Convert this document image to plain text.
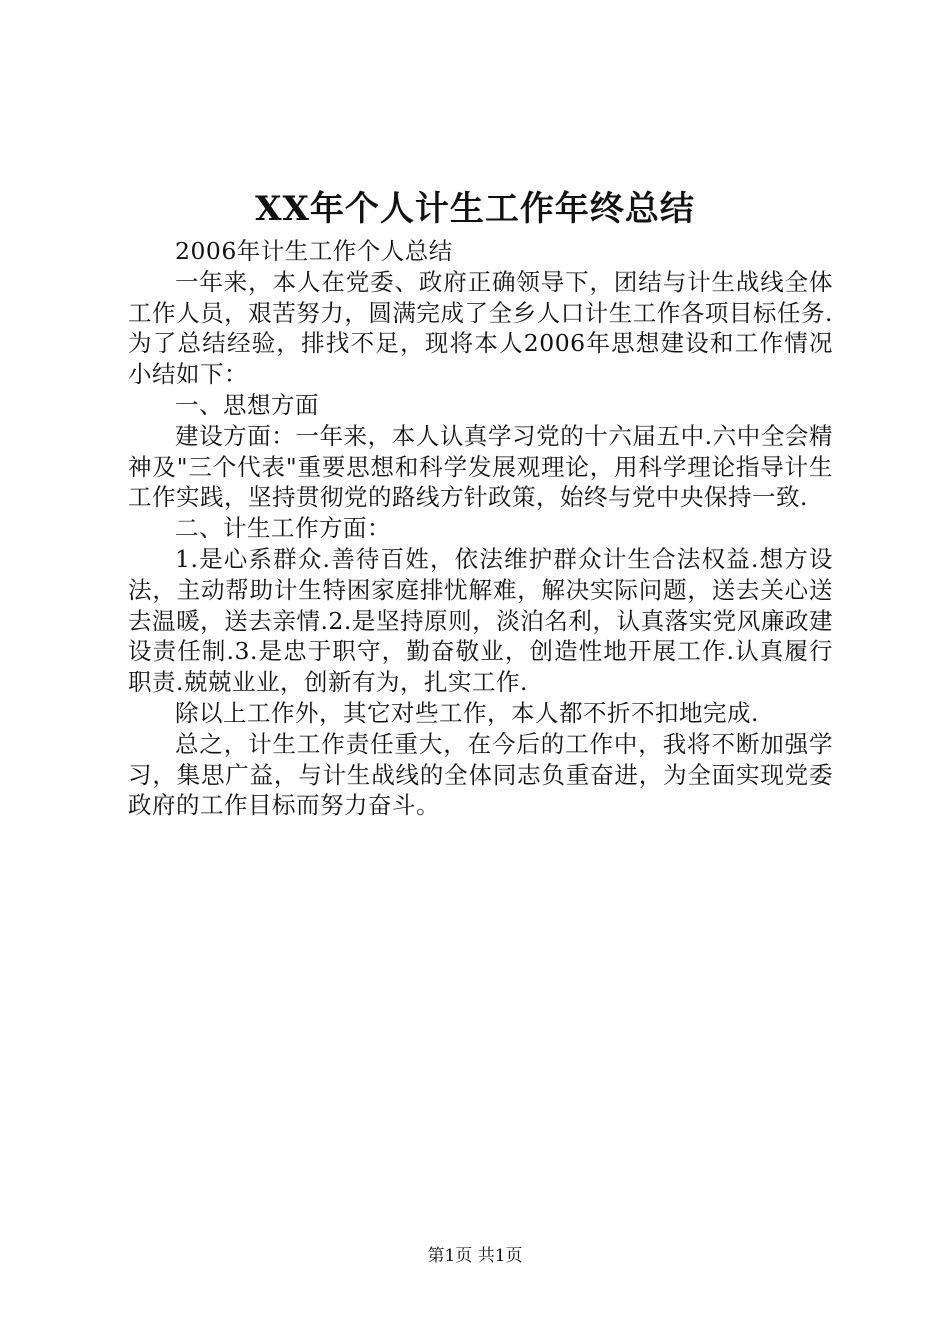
XX年个人计生工作年终总结

2006年计生工作个人总结

一年来，本人在党委、政府正确领导下，团结与计生战线全体工作人员，艰苦努力，圆满完成了全乡人口计生工作各项目标任务.为了总结经验，排找不足，现将本人2006年思想建设和工作情况小结如下：

一、思想方面

建设方面：一年来，本人认真学习党的十六届五中.六中全会精神及"三个代表"重要思想和科学发展观理论，用科学理论指导计生工作实践，坚持贯彻党的路线方针政策，始终与党中央保持一致.

二、计生工作方面：

1.是心系群众.善待百姓，依法维护群众计生合法权益.想方设法，主动帮助计生特困家庭排忧解难，解决实际问题，送去关心送去温暖，送去亲情.2.是坚持原则，淡泊名利，认真落实党风廉政建设责任制.3.是忠于职守，勤奋敬业，创造性地开展工作.认真履行职责.兢兢业业，创新有为，扎实工作.

除以上工作外，其它对些工作，本人都不折不扣地完成.

总之，计生工作责任重大，在今后的工作中，我将不断加强学习，集思广益，与计生战线的全体同志负重奋进，为全面实现党委政府的工作目标而努力奋斗。

第1页 共1页
